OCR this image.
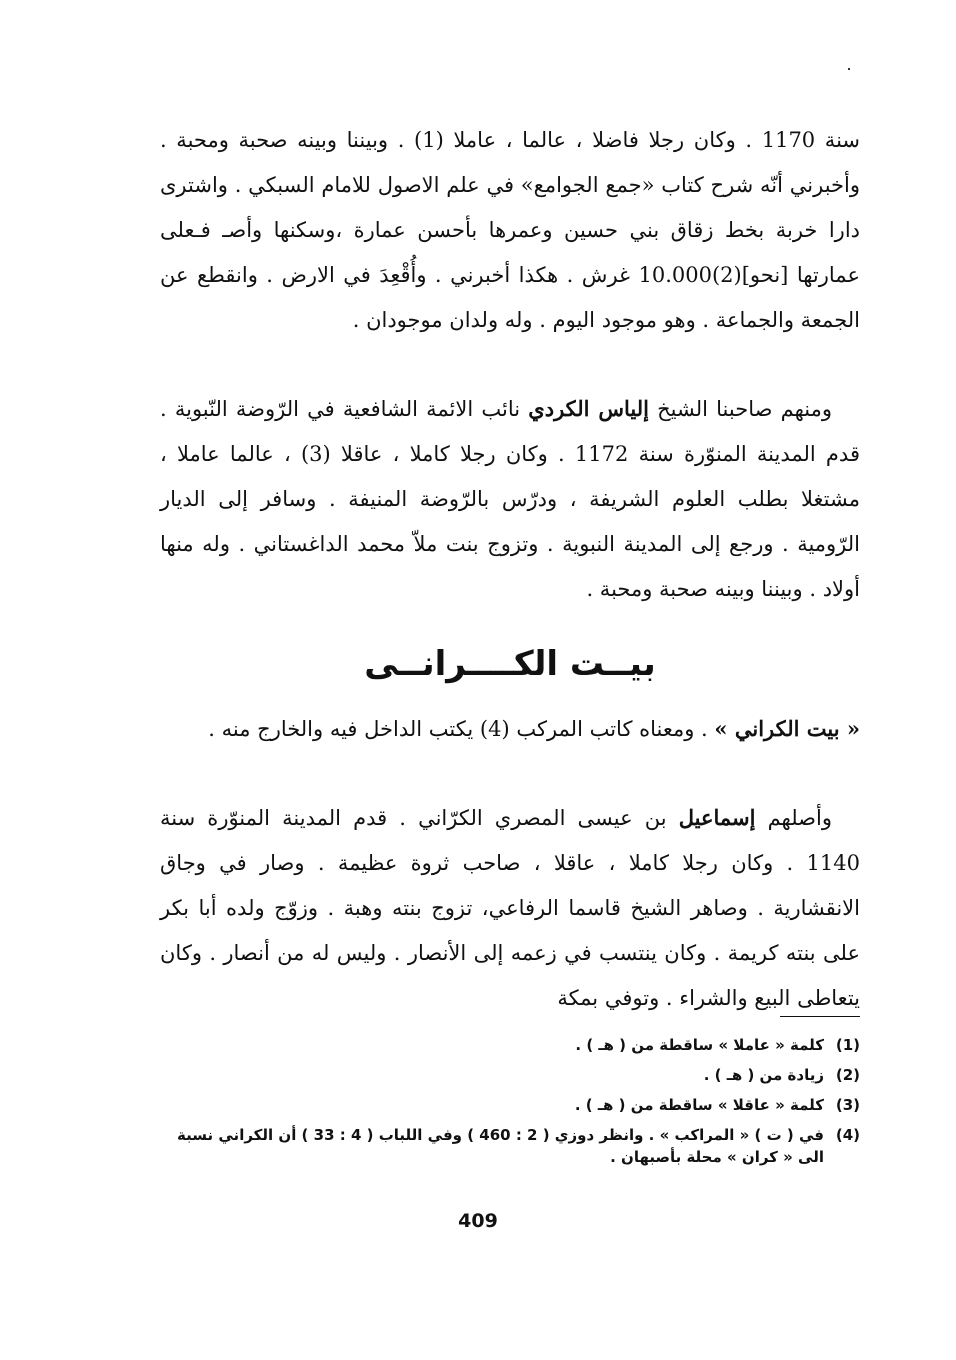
سنة 1170 . وكان رجلا فاضلا ، عالما ، عاملا (1) . وبيننا وبينه صحبة ومحبة . وأخبرني أنّه شرح كتاب «جمع الجوامع» في علم الاصول للامام السبكي . واشترى دارا خربة بخط زقاق بني حسين وعمرها بأحسن عمارة ،وسكنها وأصـ فـعلى عمارتها [نحو](2)10.000 غرش . هكذا أخبرني . وأُقْعِدَ في الارض . وانقطع عن الجمعة والجماعة . وهو موجود اليوم . وله ولدان موجودان .

ومنهم صاحبنا الشيخ إلياس الكردي نائب الائمة الشافعية في الرّوضة النّبوية . قدم المدينة المنوّرة سنة 1172 . وكان رجلا كاملا ، عاقلا (3) ، عالما عاملا ، مشتغلا بطلب العلوم الشريفة ، ودرّس بالرّوضة المنيفة . وسافر إلى الديار الرّومية . ورجع إلى المدينة النبوية . وتزوج بنت ملاّ محمد الداغستاني . وله منها أولاد . وبيننا وبينه صحبة ومحبة .

بيــت الكــــرانــى

« بيت الكراني » . ومعناه كاتب المركب (4) يكتب الداخل فيه والخارج منه .

وأصلهم إسماعيل بن عيسى المصري الكرّاني . قدم المدينة المنوّرة سنة 1140 . وكان رجلا كاملا ، عاقلا ، صاحب ثروة عظيمة . وصار في وجاق الانقشارية . وصاهر الشيخ قاسما الرفاعي، تزوج بنته وهبة . وزوّج ولده أبا بكر على بنته كريمة . وكان ينتسب في زعمه إلى الأنصار . وليس له من أنصار . وكان يتعاطى البيع والشراء . وتوفي بمكة

(1)
كلمة « عاملا » ساقطة من ( هـ ) .
(2)
زيادة من ( هـ ) .
(3)
كلمة « عاقلا » ساقطة من ( هـ ) .
(4)
في ( ت ) « المراكب » . وانظر دوزي ( 2 : 460 ) وفي اللباب ( 4 : 33 ) أن الكراني نسبة الى « كران » محلة بأصبهان .
409
